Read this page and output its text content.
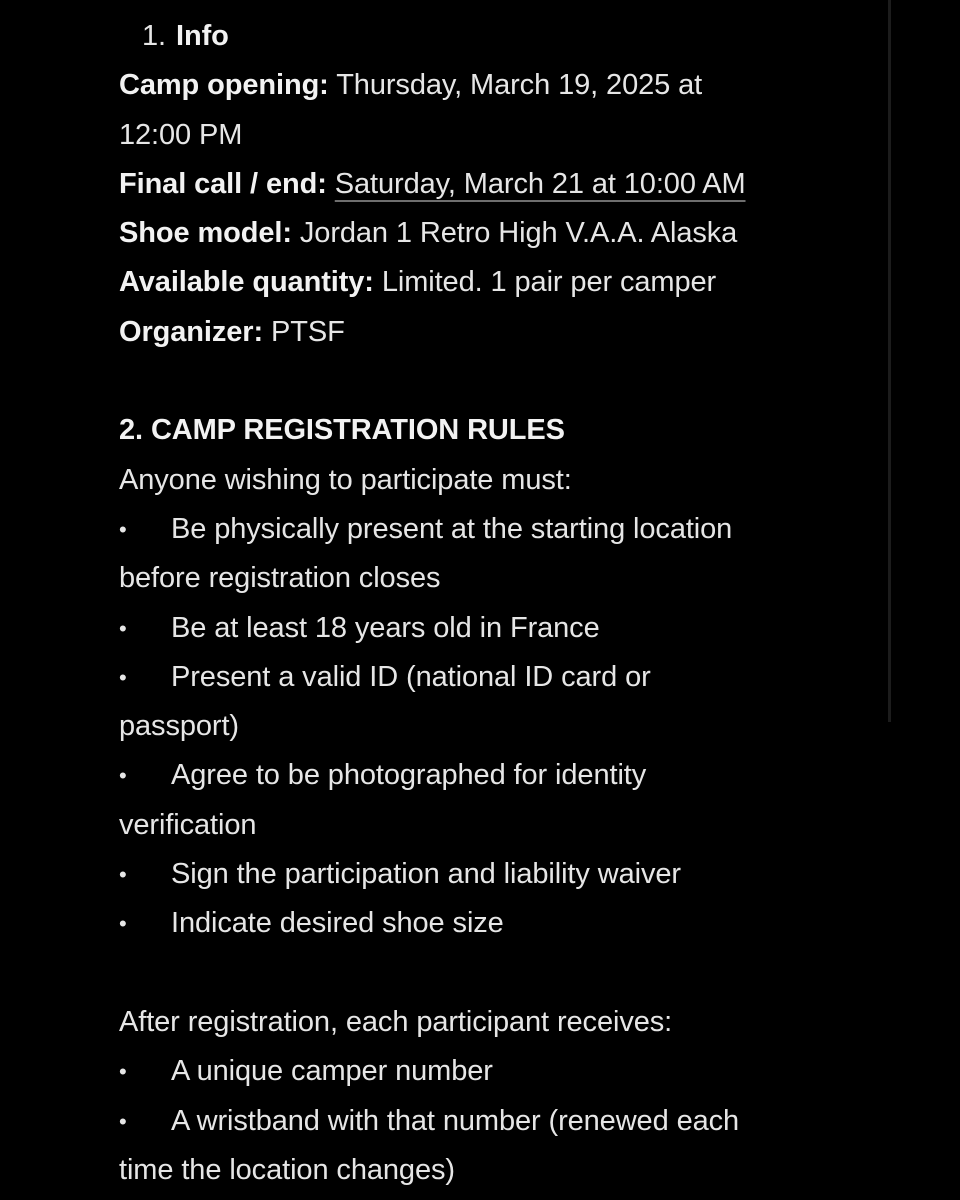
1. Info
Camp opening: Thursday, March 19, 2025 at
12:00 PM
Final call / end: Saturday, March 21 at 10:00 AM
Shoe model: Jordan 1 Retro High V.A.A. Alaska
Available quantity: Limited. 1 pair per camper
Organizer: PTSF
2. CAMP REGISTRATION RULES
Anyone wishing to participate must:
• Be physically present at the starting location
before registration closes
• Be at least 18 years old in France
• Present a valid ID (national ID card or
passport)
• Agree to be photographed for identity
verification
• Sign the participation and liability waiver
• Indicate desired shoe size
After registration, each participant receives:
• A unique camper number
• A wristband with that number (renewed each
time the location changes)
